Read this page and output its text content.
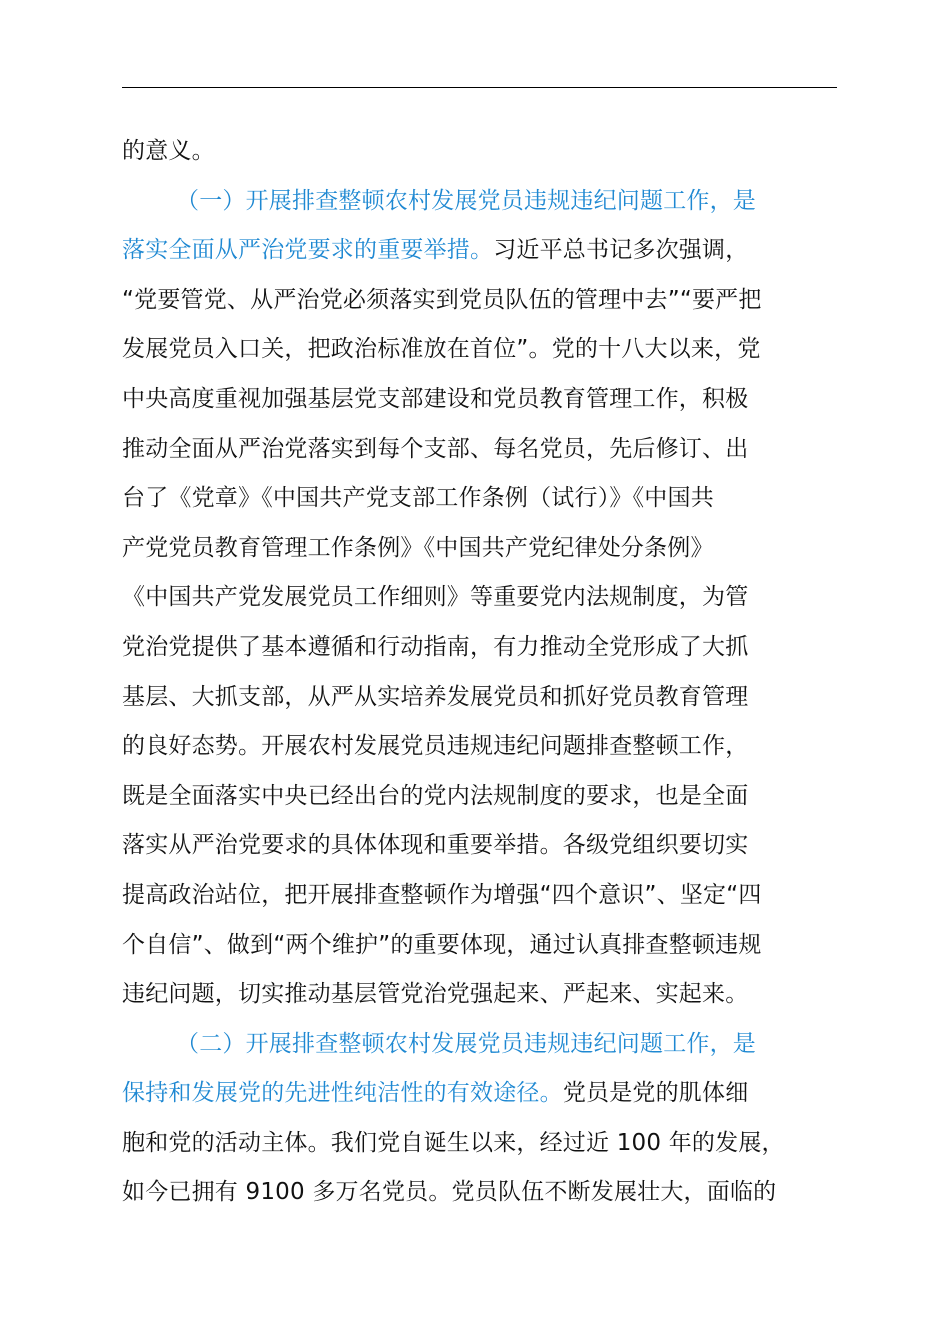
的意义。
（一）开展排查整顿农村发展党员违规违纪问题工作，是
落实全面从严治党要求的重要举措。习近平总书记多次强调，
“党要管党、从严治党必须落实到党员队伍的管理中去”“要严把
发展党员入口关，把政治标准放在首位”。党的十八大以来，党
中央高度重视加强基层党支部建设和党员教育管理工作，积极
推动全面从严治党落实到每个支部、每名党员，先后修订、出
台了《党章》《中国共产党支部工作条例（试行）》《中国共
产党党员教育管理工作条例》《中国共产党纪律处分条例》
《中国共产党发展党员工作细则》等重要党内法规制度，为管
党治党提供了基本遵循和行动指南，有力推动全党形成了大抓
基层、大抓支部，从严从实培养发展党员和抓好党员教育管理
的良好态势。开展农村发展党员违规违纪问题排查整顿工作，
既是全面落实中央已经出台的党内法规制度的要求，也是全面
落实从严治党要求的具体体现和重要举措。各级党组织要切实
提高政治站位，把开展排查整顿作为增强“四个意识”、坚定“四
个自信”、做到“两个维护”的重要体现，通过认真排查整顿违规
违纪问题，切实推动基层管党治党强起来、严起来、实起来。
（二）开展排查整顿农村发展党员违规违纪问题工作，是
保持和发展党的先进性纯洁性的有效途径。党员是党的肌体细
胞和党的活动主体。我们党自诞生以来，经过近 100 年的发展，
如今已拥有 9100 多万名党员。党员队伍不断发展壮大，面临的
